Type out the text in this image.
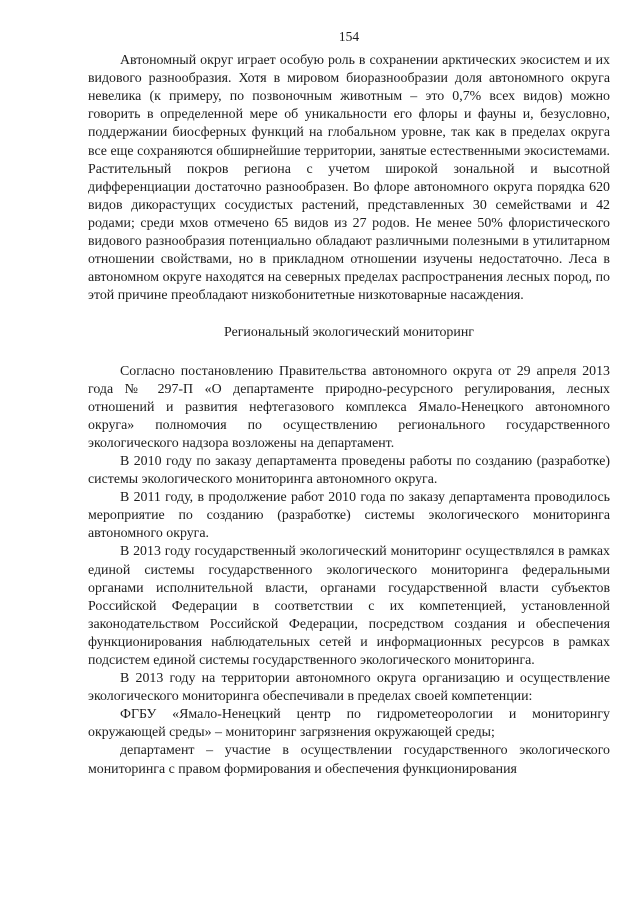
154

Автономный округ играет особую роль в сохранении арктических экосистем и их видового разнообразия. Хотя в мировом биоразнообразии доля автономного округа невелика (к примеру, по позвоночным животным – это 0,7% всех видов) можно говорить в определенной мере об уникальности его флоры и фауны и, безусловно, поддержании биосферных функций на глобальном уровне, так как в пределах округа все еще сохраняются обширнейшие территории, занятые естественными экосистемами. Растительный покров региона с учетом широкой зональной и высотной дифференциации достаточно разнообразен. Во флоре автономного округа порядка 620 видов дикорастущих сосудистых растений, представленных 30 семействами и 42 родами; среди мхов отмечено 65 видов из 27 родов. Не менее 50% флористического видового разнообразия потенциально обладают различными полезными в утилитарном отношении свойствами, но в прикладном отношении изучены недостаточно. Леса в автономном округе находятся на северных пределах распространения лесных пород, по этой причине преобладают низкобонитетные низкотоварные насаждения.

Региональный экологический мониторинг

Согласно постановлению Правительства автономного округа от 29 апреля 2013 года № 297-П «О департаменте природно-ресурсного регулирования, лесных отношений и развития нефтегазового комплекса Ямало-Ненецкого автономного округа» полномочия по осуществлению регионального государственного экологического надзора возложены на департамент.

В 2010 году по заказу департамента проведены работы по созданию (разработке) системы экологического мониторинга автономного округа.

В 2011 году, в продолжение работ 2010 года по заказу департамента проводилось мероприятие по созданию (разработке) системы экологического мониторинга автономного округа.

В 2013 году государственный экологический мониторинг осуществлялся в рамках единой системы государственного экологического мониторинга федеральными органами исполнительной власти, органами государственной власти субъектов Российской Федерации в соответствии с их компетенцией, установленной законодательством Российской Федерации, посредством создания и обеспечения функционирования наблюдательных сетей и информационных ресурсов в рамках подсистем единой системы государственного экологического мониторинга.

В 2013 году на территории автономного округа организацию и осуществление экологического мониторинга обеспечивали в пределах своей компетенции:

ФГБУ «Ямало-Ненецкий центр по гидрометеорологии и мониторингу окружающей среды» – мониторинг загрязнения окружающей среды;

департамент – участие в осуществлении государственного экологического мониторинга с правом формирования и обеспечения функционирования
